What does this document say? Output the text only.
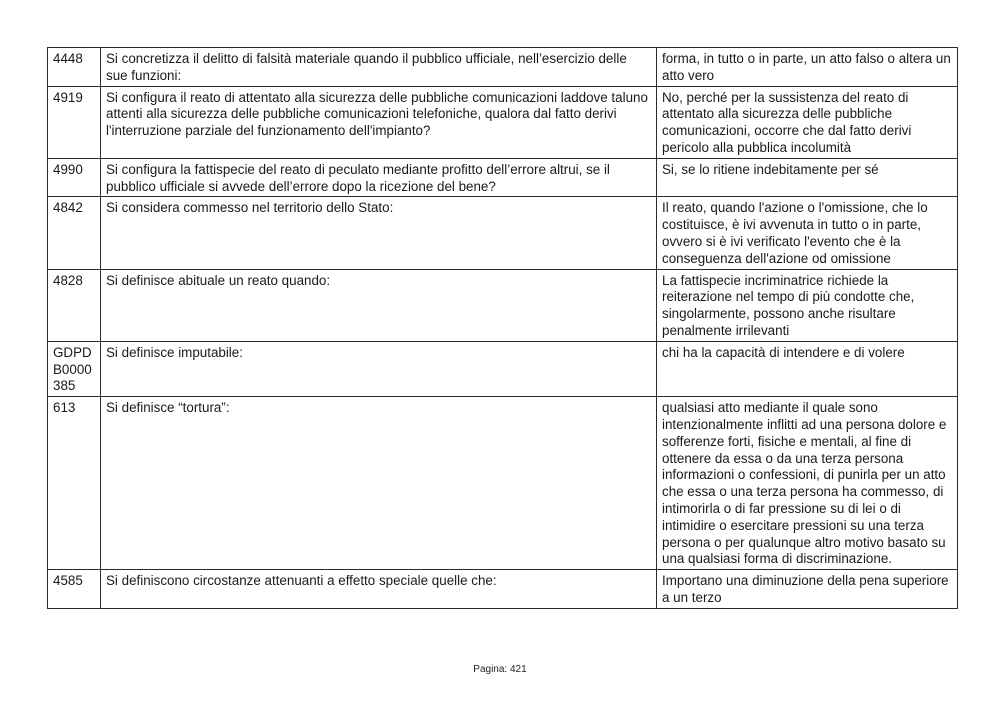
4448	Si concretizza il delitto di falsità materiale quando il pubblico ufficiale, nell’esercizio delle sue funzioni:	forma, in tutto o in parte, un atto falso o altera un atto vero
4919	Si configura il reato di attentato alla sicurezza delle pubbliche comunicazioni laddove taluno attenti alla sicurezza delle pubbliche comunicazioni telefoniche, qualora dal fatto derivi l'interruzione parziale del funzionamento dell'impianto?	No, perché per la sussistenza del reato di attentato alla sicurezza delle pubbliche comunicazioni, occorre che dal fatto derivi pericolo alla pubblica incolumità
4990	Si configura la fattispecie del reato di peculato mediante profitto dell’errore altrui, se il pubblico ufficiale si avvede dell’errore dopo la ricezione del bene?	Si, se lo ritiene indebitamente per sé
4842	Si considera commesso nel territorio dello Stato:	Il reato, quando l'azione o l'omissione, che lo costituisce, è ivi avvenuta in tutto o in parte, ovvero si è ivi verificato l'evento che è la conseguenza dell'azione od omissione
4828	Si definisce abituale un reato quando:	La fattispecie incriminatrice richiede la reiterazione nel tempo di più condotte che, singolarmente, possono anche risultare penalmente irrilevanti
GDPD B0000 385	Si definisce imputabile:	chi ha la capacità di intendere e di volere
613	Si definisce “tortura”:	qualsiasi atto mediante il quale sono intenzionalmente inflitti ad una persona dolore e sofferenze forti, fisiche e mentali, al fine di ottenere da essa o da una terza persona informazioni o confessioni, di punirla per un atto che essa o una terza persona ha commesso, di intimorirla o di far pressione su di lei o di intimidire o esercitare pressioni su una terza persona o per qualunque altro motivo basato su una qualsiasi forma di discriminazione.
4585	Si definiscono circostanze attenuanti a effetto speciale quelle che:	Importano una diminuzione della pena superiore a un terzo
Pagina: 421
